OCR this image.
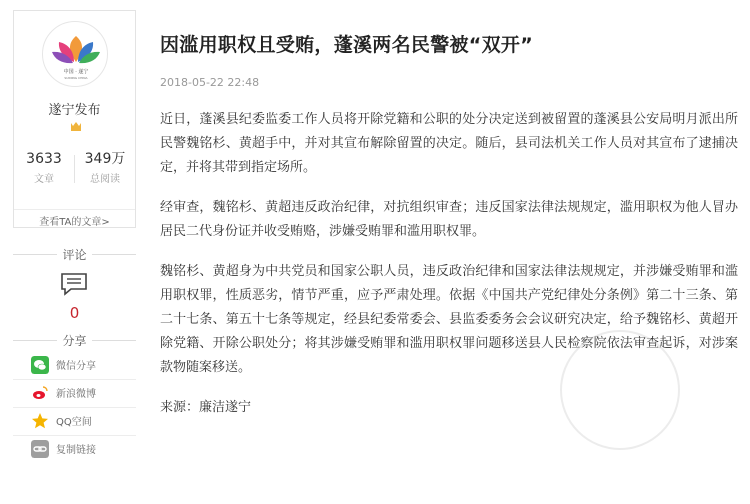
中国 · 遂宁
SUINING CHINA
遂宁发布
3633
文章
349万
总阅读
查看TA的文章>
评论
0
分享
微信分享
新浪微博
QQ空间
复制链接
因滥用职权且受贿，蓬溪两名民警被“双开”
2018-05-22 22:48

近日，蓬溪县纪委监委工作人员将开除党籍和公职的处分决定送到被留置的蓬溪县公安局明月派出所民警魏铭杉、黄超手中，并对其宣布解除留置的决定。随后，县司法机关工作人员对其宣布了逮捕决定，并将其带到指定场所。

经审查，魏铭杉、黄超违反政治纪律，对抗组织审查；违反国家法律法规规定，滥用职权为他人冒办居民二代身份证并收受贿赂，涉嫌受贿罪和滥用职权罪。

魏铭杉、黄超身为中共党员和国家公职人员，违反政治纪律和国家法律法规规定，并涉嫌受贿罪和滥用职权罪，性质恶劣，情节严重，应予严肃处理。依据《中国共产党纪律处分条例》第二十三条、第二十七条、第五十七条等规定，经县纪委常委会、县监委委务会会议研究决定，给予魏铭杉、黄超开除党籍、开除公职处分；将其涉嫌受贿罪和滥用职权罪问题移送县人民检察院依法审查起诉，对涉案款物随案移送。

来源：廉洁遂宁
